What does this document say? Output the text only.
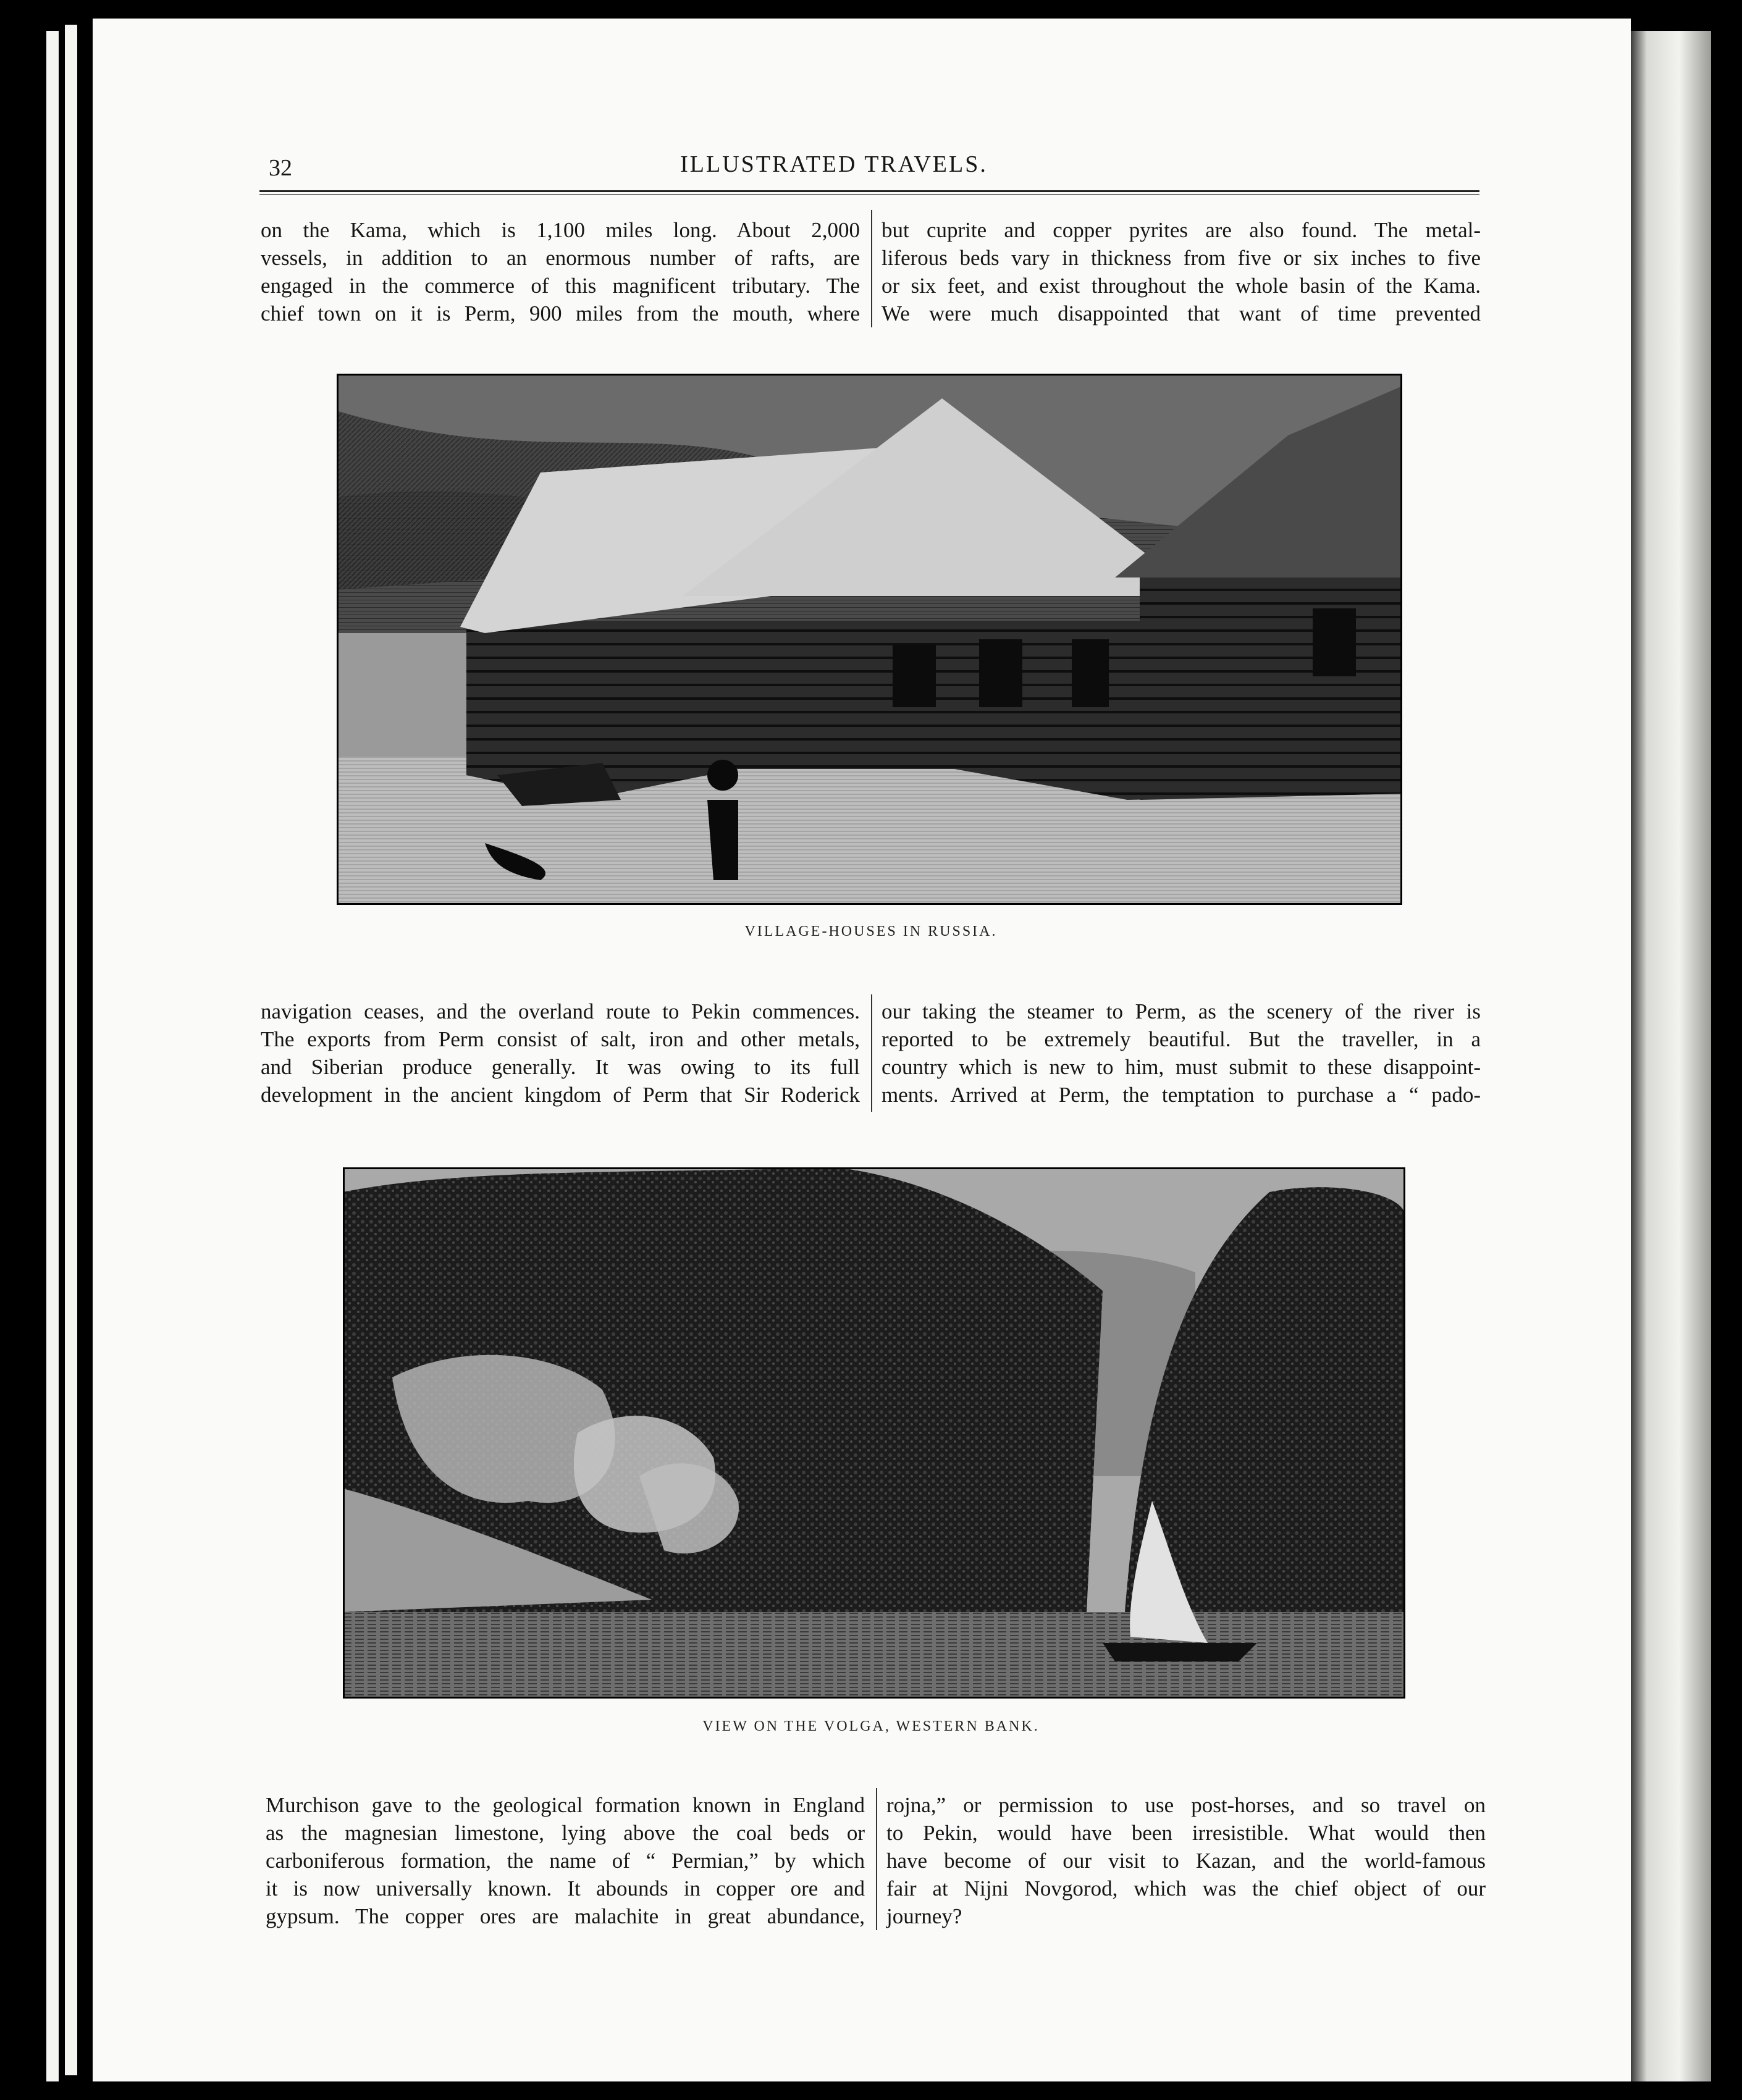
32	ILLUSTRATED TRAVELS.
on the Kama, which is 1,100 miles long. About 2,000
vessels, in addition to an enormous number of rafts, are
engaged in the commerce of this magnificent tributary. The
chief town on it is Perm, 900 miles from the mouth, where
but cuprite and copper pyrites are also found. The metal-
liferous beds vary in thickness from five or six inches to five
or six feet, and exist throughout the whole basin of the Kama.
We were much disappointed that want of time prevented
VILLAGE-HOUSES IN RUSSIA.
navigation ceases, and the overland route to Pekin commences.
The exports from Perm consist of salt, iron and other metals,
and Siberian produce generally. It was owing to its full
development in the ancient kingdom of Perm that Sir Roderick
our taking the steamer to Perm, as the scenery of the river is
reported to be extremely beautiful. But the traveller, in a
country which is new to him, must submit to these disappoint-
ments. Arrived at Perm, the temptation to purchase a “ pado-
VIEW ON THE VOLGA, WESTERN BANK.
Murchison gave to the geological formation known in England
as the magnesian limestone, lying above the coal beds or
carboniferous formation, the name of “ Permian,” by which
it is now universally known. It abounds in copper ore and
gypsum. The copper ores are malachite in great abundance,
rojna,” or permission to use post-horses, and so travel on
to Pekin, would have been irresistible. What would then
have become of our visit to Kazan, and the world-famous
fair at Nijni Novgorod, which was the chief object of our
journey?
